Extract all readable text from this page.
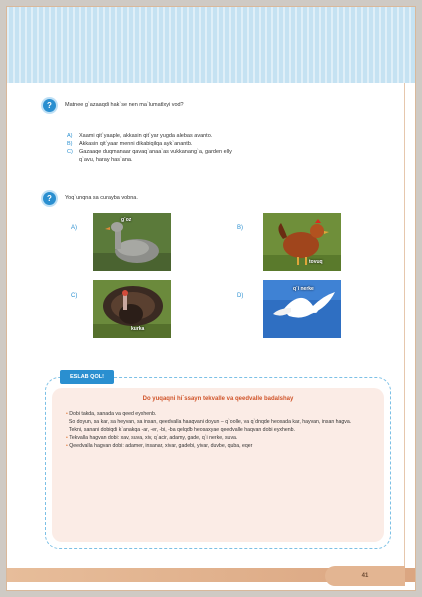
?	Matnee g`azaaqdi hak`se nen ma`lumatlxyi vod?
A)	Xaami qit`yaaple, akkasin qit`yar yugda alebas avanto.
B)	Akkasin qit`yaar menni dikabiqilqa ayk`anantb.
C)	Gazaaqe duqmanaar qavaq`anaa`as vukkanang`a, garden elly
q`avu, haray has`ana.
?	Yoq`unqna sa curayba vobna.
A)
g`oz
B)
tovuq
C)
kurka
D)
q`i nerke
Do yuqaqni hi`ssayn tekvalle va qeedvalle badalshay

• Dobi takda, sanada va qeed eyxhenb.

So doyun, sa kar, sa heyvan, sa insan, qeedvalla haaqvani doyun – q`oolle, va q`dnqde heoxada kar, hayvan, insan hagva.

Tekni, sanani dobiqdi k`anakqa -ar, -er, -bi, -ba qelqdb heosaxyae qeedvalle haqvan dobi eyxhenb.

• Tekvalla hagvan dobi: xav, suva, xiv, q`acir, adamy, gade, q`i nerke, suva.

• Qeedvalla hagvan dobi: adamer, insanar, xivar, gadebi, yivar, duvbe, quba, eqer

ESLAB QOL!
41
